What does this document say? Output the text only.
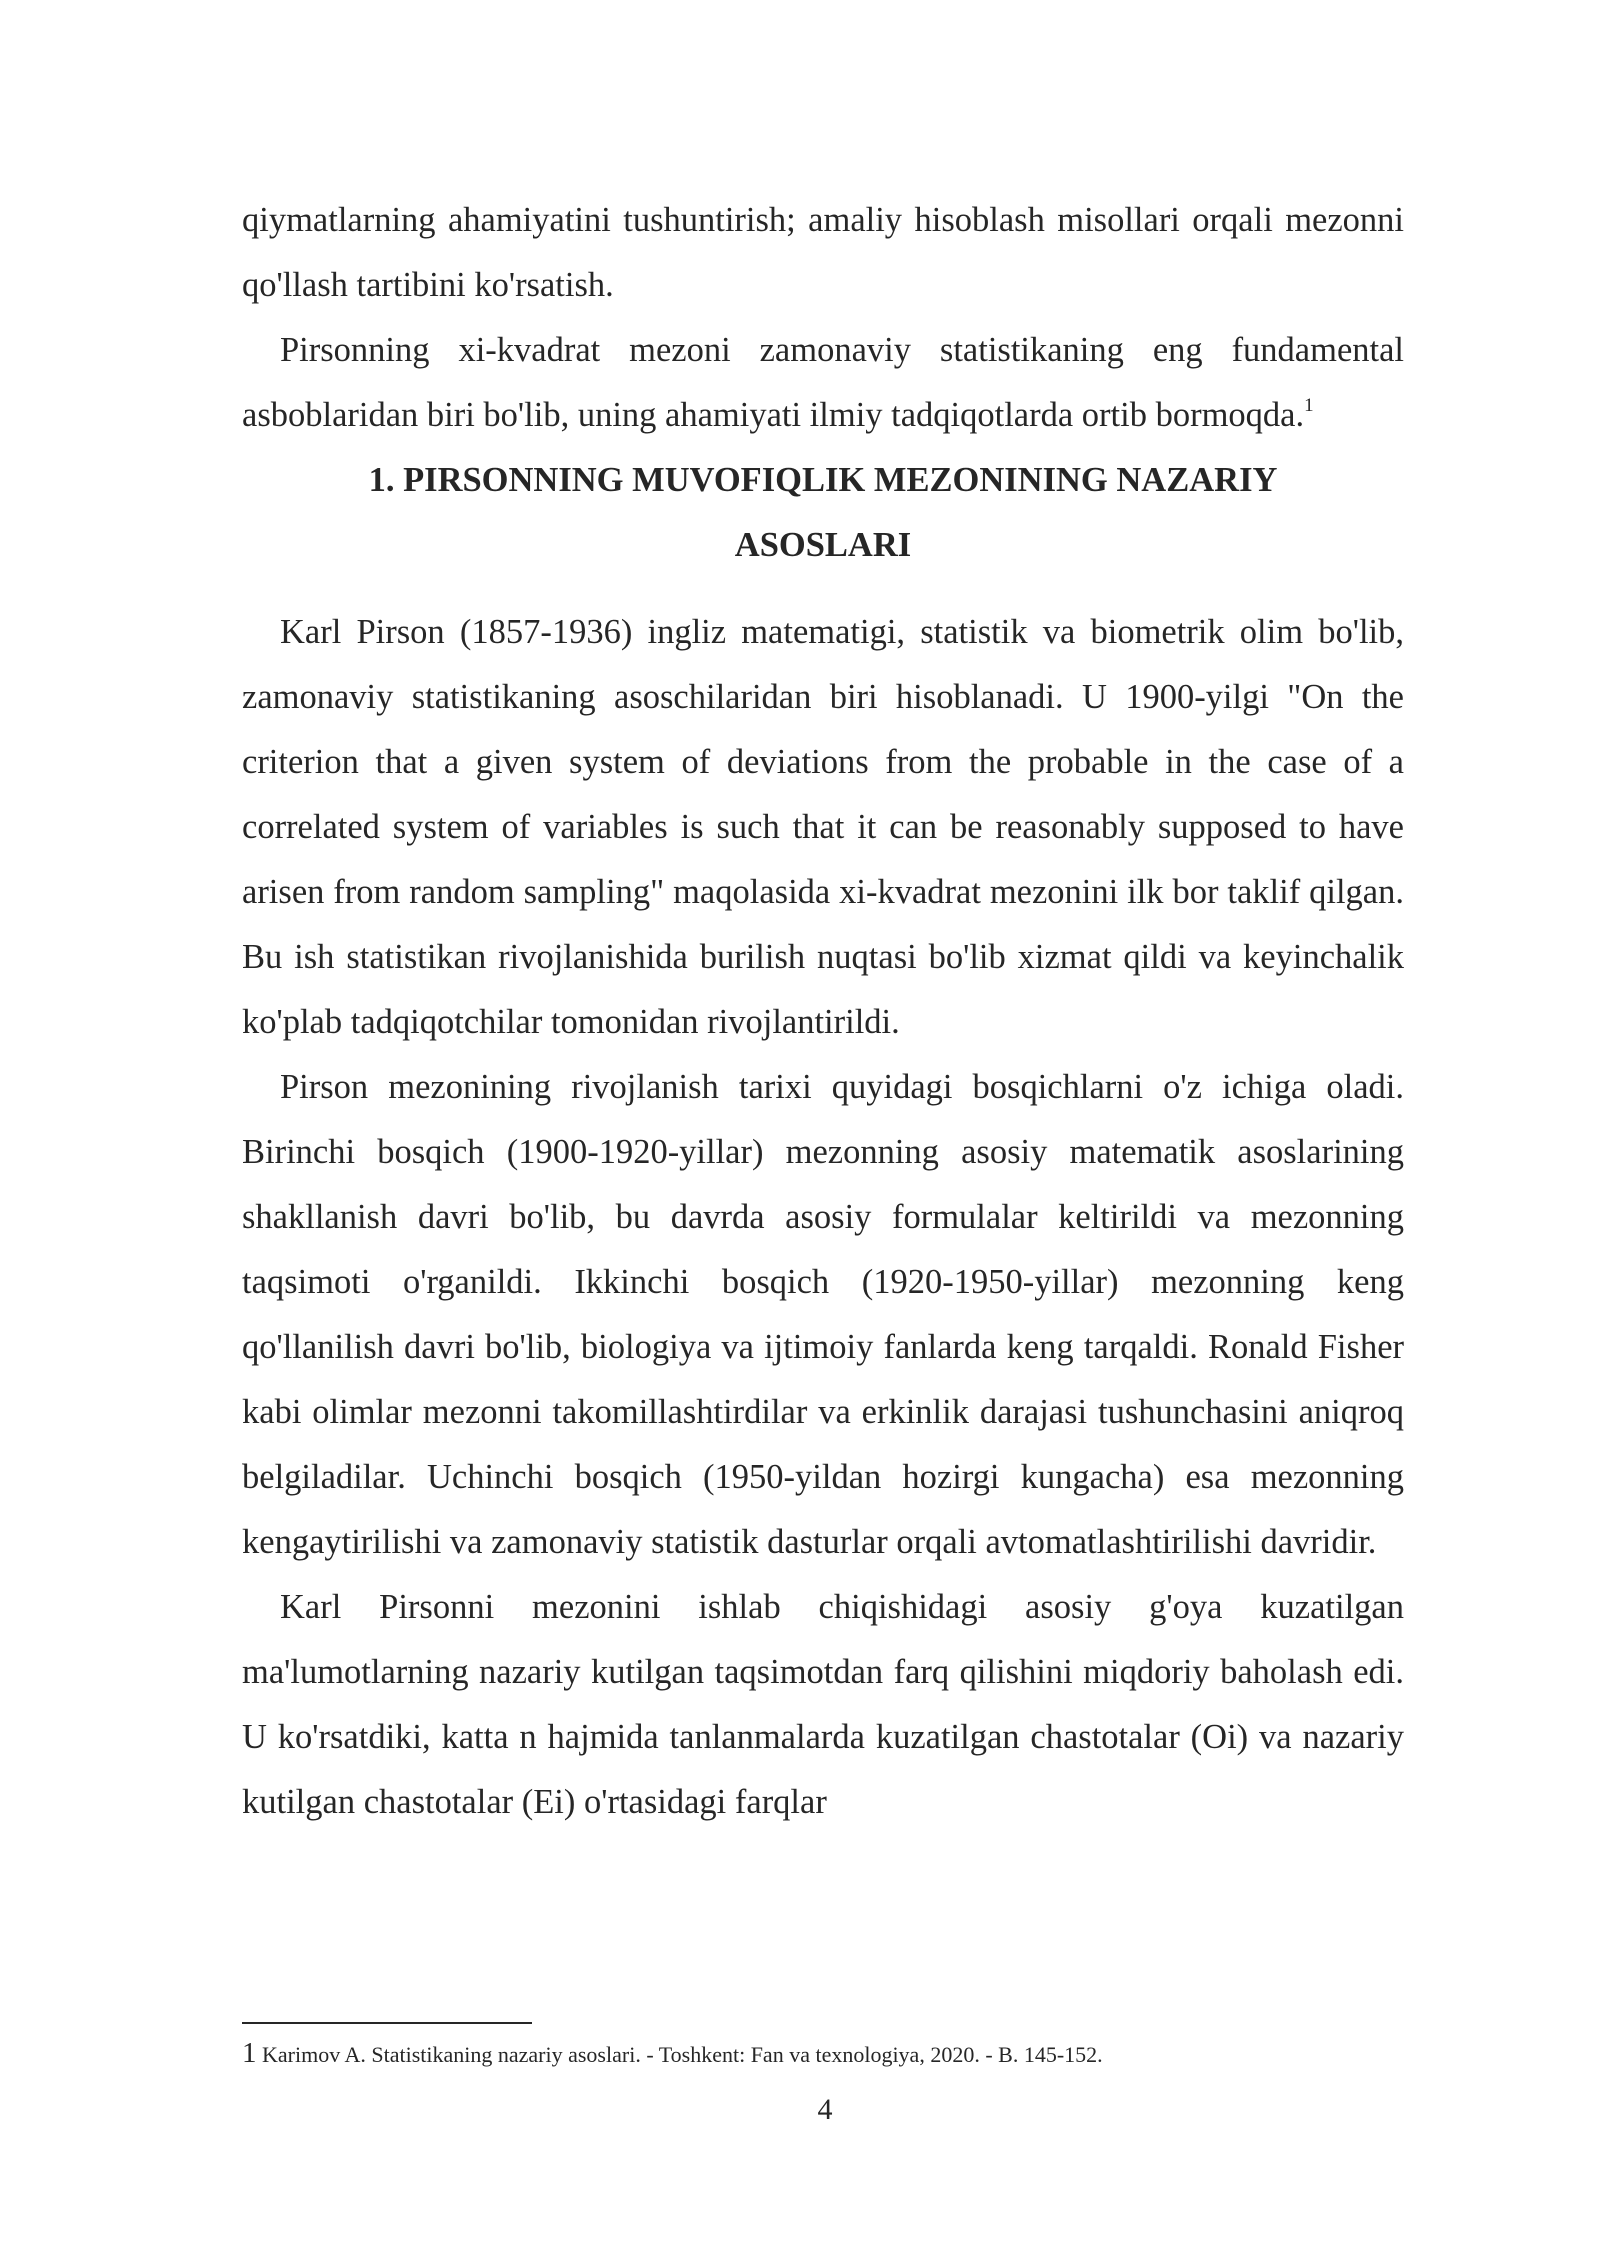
qiymatlarning ahamiyatini tushuntirish; amaliy hisoblash misollari orqali mezonni qo'llash tartibini ko'rsatish.

Pirsonning xi-kvadrat mezoni zamonaviy statistikaning eng fundamental asboblaridan biri bo'lib, uning ahamiyati ilmiy tadqiqotlarda ortib bormoqda.$^1$

1. PIRSONNING MUVOFIQLIK MEZONINING NAZARIY
ASOSLARI

Karl Pirson (1857-1936) ingliz matematigi, statistik va biometrik olim bo'lib, zamonaviy statistikaning asoschilaridan biri hisoblanadi. U 1900-yilgi "On the criterion that a given system of deviations from the probable in the case of a correlated system of variables is such that it can be reasonably supposed to have arisen from random sampling" maqolasida xi-kvadrat mezonini ilk bor taklif qilgan. Bu ish statistikan rivojlanishida burilish nuqtasi bo'lib xizmat qildi va keyinchalik ko'plab tadqiqotchilar tomonidan rivojlantirildi.

Pirson mezonining rivojlanish tarixi quyidagi bosqichlarni o'z ichiga oladi. Birinchi bosqich (1900-1920-yillar) mezonning asosiy matematik asoslarining shakllanish davri bo'lib, bu davrda asosiy formulalar keltirildi va mezonning taqsimoti o'rganildi. Ikkinchi bosqich (1920-1950-yillar) mezonning keng qo'llanilish davri bo'lib, biologiya va ijtimoiy fanlarda keng tarqaldi. Ronald Fisher kabi olimlar mezonni takomillashtirdilar va erkinlik darajasi tushunchasini aniqroq belgiladilar. Uchinchi bosqich (1950-yildan hozirgi kungacha) esa mezonning kengaytirilishi va zamonaviy statistik dasturlar orqali avtomatlashtirilishi davridir.

Karl Pirsonni mezonini ishlab chiqishidagi asosiy g'oya kuzatilgan ma'lumotlarning nazariy kutilgan taqsimotdan farq qilishini miqdoriy baholash edi. U ko'rsatdiki, katta n hajmida tanlanmalarda kuzatilgan chastotalar (Oi) va nazariy kutilgan chastotalar (Ei) o'rtasidagi farqlar

1 Karimov A. Statistikaning nazariy asoslari. - Toshkent: Fan va texnologiya, 2020. - B. 145-152.
4
